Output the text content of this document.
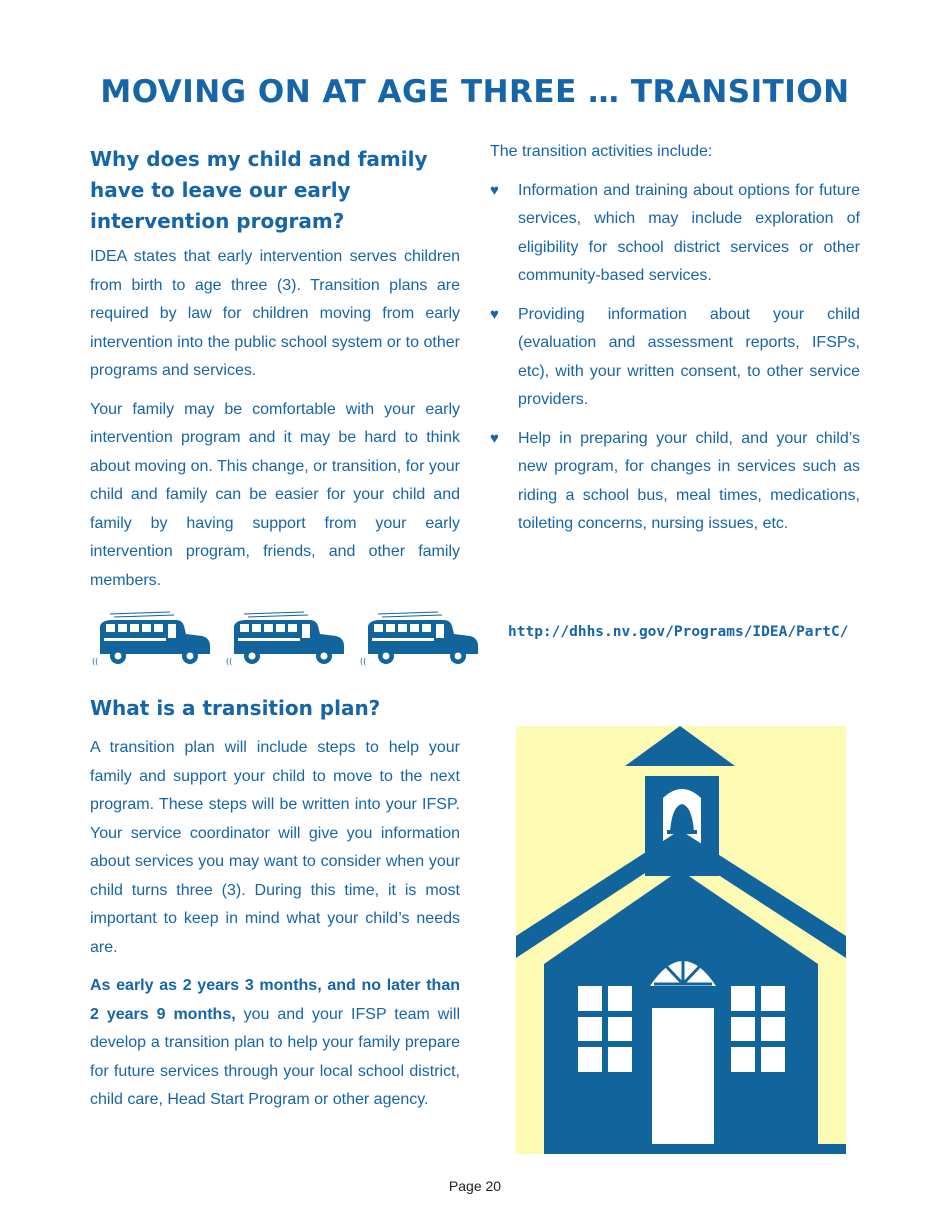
MOVING ON AT AGE THREE … TRANSITION
Why does my child and family have to leave our early intervention program?

IDEA states that early intervention serves children from birth to age three (3). Transition plans are required by law for children moving from early intervention into the public school system or to other programs and services.

Your family may be comfortable with your early intervention program and it may be hard to think about moving on. This change, or transition, for your child and family can be easier for your child and family by having support from your early intervention program, friends, and other family members.

The transition activities include:

♥ Information and training about options for future services, which may include exploration of eligibility for school district services or other community-based services.

♥ Providing information about your child (evaluation and assessment reports, IFSPs, etc), with your written consent, to other service providers.

♥ Help in preparing your child, and your child’s new program, for changes in services such as riding a school bus, meal times, medications, toileting concerns, nursing issues, etc.

((	((	((
http://dhhs.nv.gov/Programs/IDEA/PartC/
What is a transition plan?

A transition plan will include steps to help your family and support your child to move to the next program. These steps will be written into your IFSP. Your service coordinator will give you information about services you may want to consider when your child turns three (3). During this time, it is most important to keep in mind what your child’s needs are.

As early as 2 years 3 months, and no later than 2 years 9 months, you and your IFSP team will develop a transition plan to help your family prepare for future services through your local school district, child care, Head Start Program or other agency.

Page 20
